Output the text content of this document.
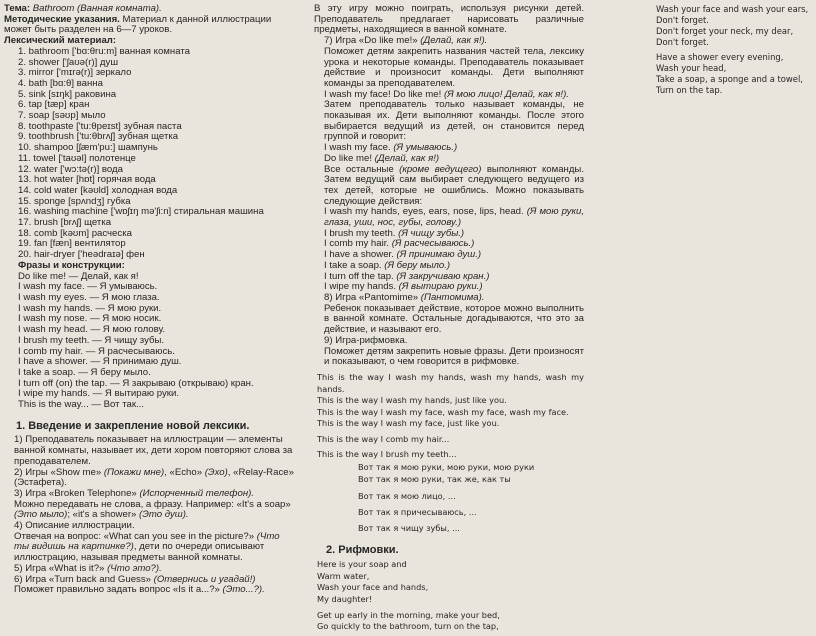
Тема: Bathroom (Ванная комната).

Методические указания. Материал к данной иллюстрации может быть разделен на 6—7 уроков.

Лексический материал:

1. bathroom ['bɑ:θru:m] ванная комната

2. shower ['ʃaʊə(r)] душ

3. mirror ['mɪrə(r)] зеркало

4. bath [bɑ:θ] ванна

5. sink [sɪŋk] раковина

6. tap [tæp] кран

7. soap [səʊp] мыло

8. toothpaste ['tu:θpeɪst] зубная паста

9. toothbrush ['tu:θbrʌʃ] зубная щетка

10. shampoo [ʃæm'pu:] шампунь

11. towel ['taʊəl] полотенце

12. water ['wɔ:tə(r)] вода

13. hot water [hɒt] горячая вода

14. cold water [kəʊld] холодная вода

15. sponge [spʌndʒ] губка

16. washing machine ['wɒʃɪŋ mə'ʃi:n] стиральная машина

17. brush [brʌʃ] щетка

18. comb [kəʊm] расческа

19. fan [fæn] вентилятор

20. hair-dryer ['heədraɪə] фен

Фразы и конструкции:

Do like me! — Делай, как я!

I wash my face. — Я умываюсь.

I wash my eyes. — Я мою глаза.

I wash my hands. — Я мою руки.

I wash my nose. — Я мою носик.

I wash my head. — Я мою голову.

I brush my teeth. — Я чищу зубы.

I comb my hair. — Я расчесываюсь.

I have a shower. — Я принимаю душ.

I take a soap. — Я беру мыло.

I turn off (on) the tap. — Я закрываю (открываю) кран.

I wipe my hands. — Я вытираю руки.

This is the way... — Вот так...

1. Введение и закрепление новой лексики.

1) Преподаватель показывает на иллюстрации — элементы ванной комнаты, называет их, дети хором повторяют слова за преподавателем.

2) Игры «Show me» (Покажи мне), «Echo» (Эхо), «Relay-Race» (Эстафета).

3) Игра «Broken Telephone» (Испорченный телефон).

Можно передавать не слова, а фразу. Например: «It's a soap» (Это мыло); «it's a shower» (Это душ).

4) Описание иллюстрации.

Отвечая на вопрос: «What can you see in the picture?» (Что ты видишь на картинке?), дети по очереди описывают иллюстрацию, называя предметы ванной комнаты.

5) Игра «What is it?» (Что это?).

6) Игра «Turn back and Guess» (Отвернись и угадай!)

Поможет правильно задать вопрос «Is it a...?» (Это...?).

В эту игру можно поиграть, используя рисунки детей. Преподаватель предлагает нарисовать различные предметы, находящиеся в ванной комнате.

7) Игра «Do like me!» (Делай, как я!).

Поможет детям закрепить названия частей тела, лексику урока и некоторые команды. Преподаватель показывает действие и произносит команды. Дети выполняют команды за преподавателем.

I wash my face! Do like me! (Я мою лицо! Делай, как я!).

Затем преподаватель только называет команды, не показывая их. Дети выполняют команды. После этого выбирается ведущий из детей, он становится перед группой и говорит:

I wash my face. (Я умываюсь.)

Do like me! (Делай, как я!)

Все остальные (кроме ведущего) выполняют команды. Затем ведущий сам выбирает следующего ведущего из тех детей, которые не ошиблись. Можно показывать следующие действия:

I wash my hands, eyes, ears, nose, lips, head. (Я мою руки, глаза, уши, нос, губы, голову.)

I brush my teeth. (Я чищу зубы.)

I comb my hair. (Я расчесываюсь.)

I have a shower. (Я принимаю душ.)

I take a soap. (Я беру мыло.)

I turn off the tap. (Я закручиваю кран.)

I wipe my hands. (Я вытираю руки.)

8) Игра «Pantomime» (Пантомима).

Ребенок показывает действие, которое можно выполнить в ванной комнате. Остальные догадываются, что это за действие, и называют его.

9) Игра-рифмовка.

Поможет детям закрепить новые фразы. Дети произносят и показывают, о чем говорится в рифмовке.

This is the way I wash my hands, wash my hands, wash my hands.

This is the way I wash my hands, just like you.

This is the way I wash my face, wash my face, wash my face.

This is the way I wash my face, just like you.

This is the way I comb my hair...

This is the way I brush my teeth...

Вот так я мою руки, мою руки, мою руки

Вот так я мою руки, так же, как ты

Вот так я мою лицо, ...

Вот так я причесываюсь, ...

Вот так я чищу зубы, ...

2. Рифмовки.

Here is your soap and

Warm water,

Wash your face and hands,

My daughter!

Get up early in the morning, make your bed,

Go quickly to the bathroom, turn on the tap,

Wash your face and wash your ears,

Don't forget.

Don't forget your neck, my dear,

Don't forget.

Have a shower every evening,

Wash your head,

Take a soap, a sponge and a towel,

Turn on the tap.
